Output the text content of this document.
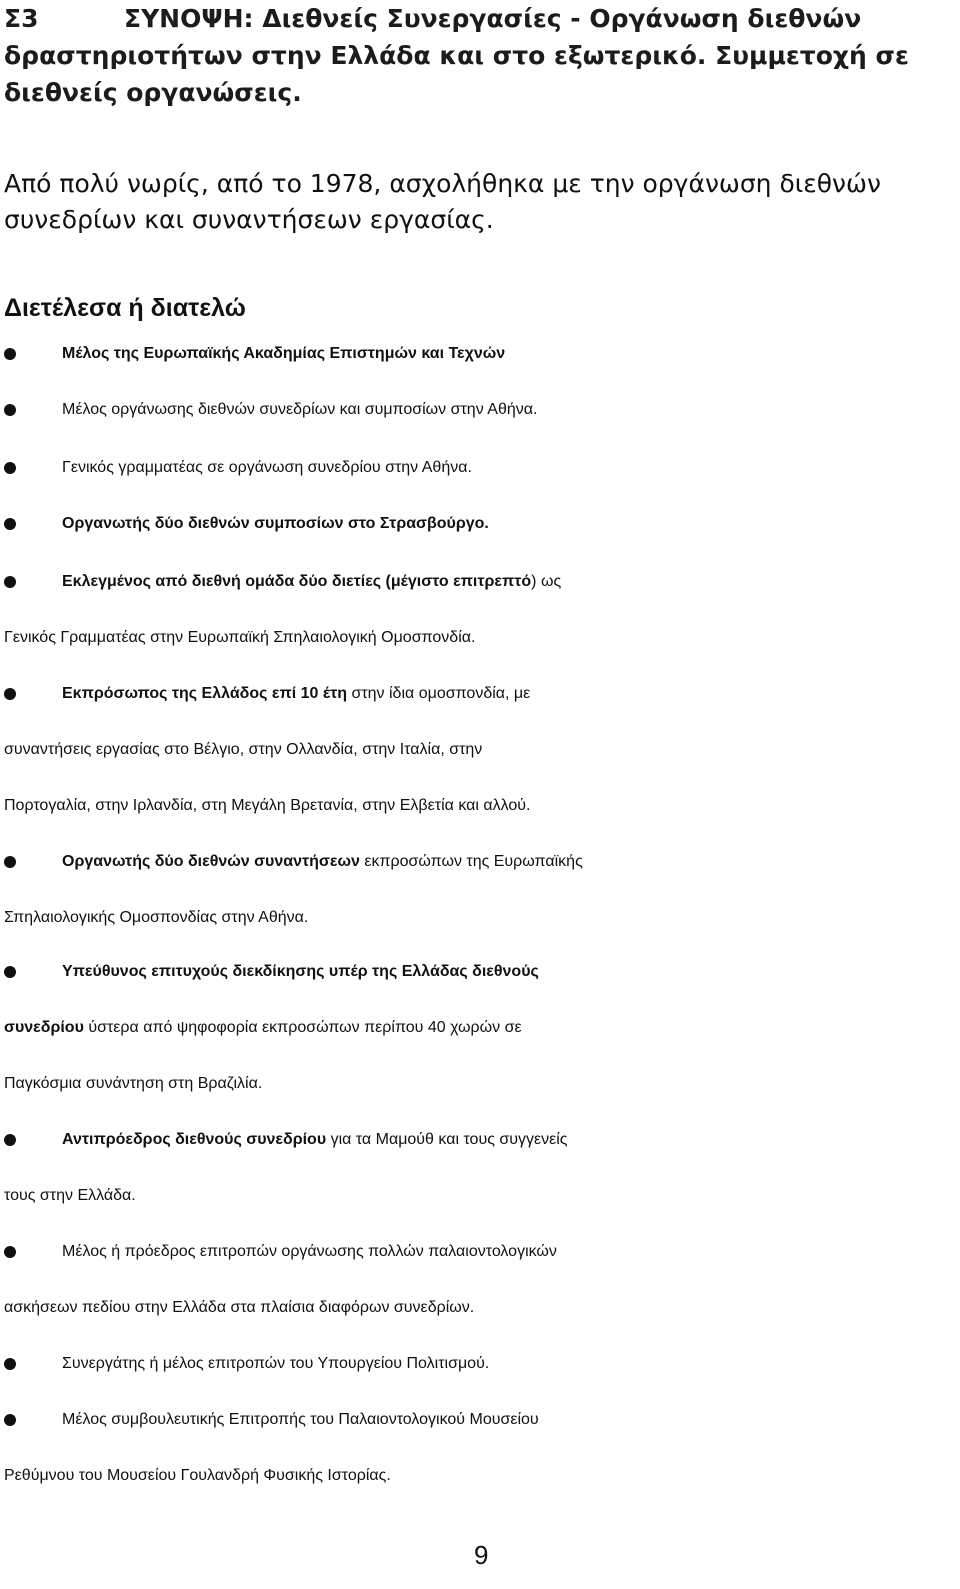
Σ3	ΣΥΝΟΨΗ: Διεθνείς Συνεργασίες - Οργάνωση διεθνών δραστηριοτήτων στην Ελλάδα και στο εξωτερικό. Συμμετοχή σε διεθνείς οργανώσεις.
Από πολύ νωρίς, από το 1978, ασχολήθηκα με την οργάνωση διεθνών
συνεδρίων και συναντήσεων εργασίας.
Διετέλεσα ή διατελώ
Μέλος της Ευρωπαϊκής Ακαδημίας Επιστημών και Τεχνών
Μέλος οργάνωσης διεθνών συνεδρίων και συμποσίων στην Αθήνα.
Γενικός γραμματέας σε οργάνωση συνεδρίου στην Αθήνα.
Οργανωτής δύο διεθνών συμποσίων στο Στρασβούργο.
Εκλεγμένος από διεθνή ομάδα δύο διετίες (μέγιστο επιτρεπτό) ως
Γενικός Γραμματέας στην Ευρωπαϊκή Σπηλαιολογική Ομοσπονδία.
Εκπρόσωπος της Ελλάδος επί 10 έτη στην ίδια ομοσπονδία, με
συναντήσεις εργασίας στο Βέλγιο, στην Ολλανδία, στην Ιταλία, στην
Πορτογαλία, στην Ιρλανδία, στη Μεγάλη Βρετανία, στην Ελβετία και αλλού.
Οργανωτής δύο διεθνών συναντήσεων εκπροσώπων της Ευρωπαϊκής
Σπηλαιολογικής Ομοσπονδίας στην Αθήνα.
Υπεύθυνος επιτυχούς διεκδίκησης υπέρ της Ελλάδας διεθνούς
συνεδρίου ύστερα από ψηφοφορία εκπροσώπων περίπου 40 χωρών σε
Παγκόσμια συνάντηση στη Βραζιλία.
Αντιπρόεδρος διεθνούς συνεδρίου για τα Μαμούθ και τους συγγενείς
τους στην Ελλάδα.
Μέλος ή πρόεδρος επιτροπών οργάνωσης πολλών παλαιοντολογικών
ασκήσεων πεδίου στην Ελλάδα στα πλαίσια διαφόρων συνεδρίων.
Συνεργάτης ή μέλος επιτροπών του Υπουργείου Πολιτισμού.
Μέλος συμβουλευτικής Επιτροπής του Παλαιοντολογικού Μουσείου
Ρεθύμνου του Μουσείου Γουλανδρή Φυσικής Ιστορίας.
9
